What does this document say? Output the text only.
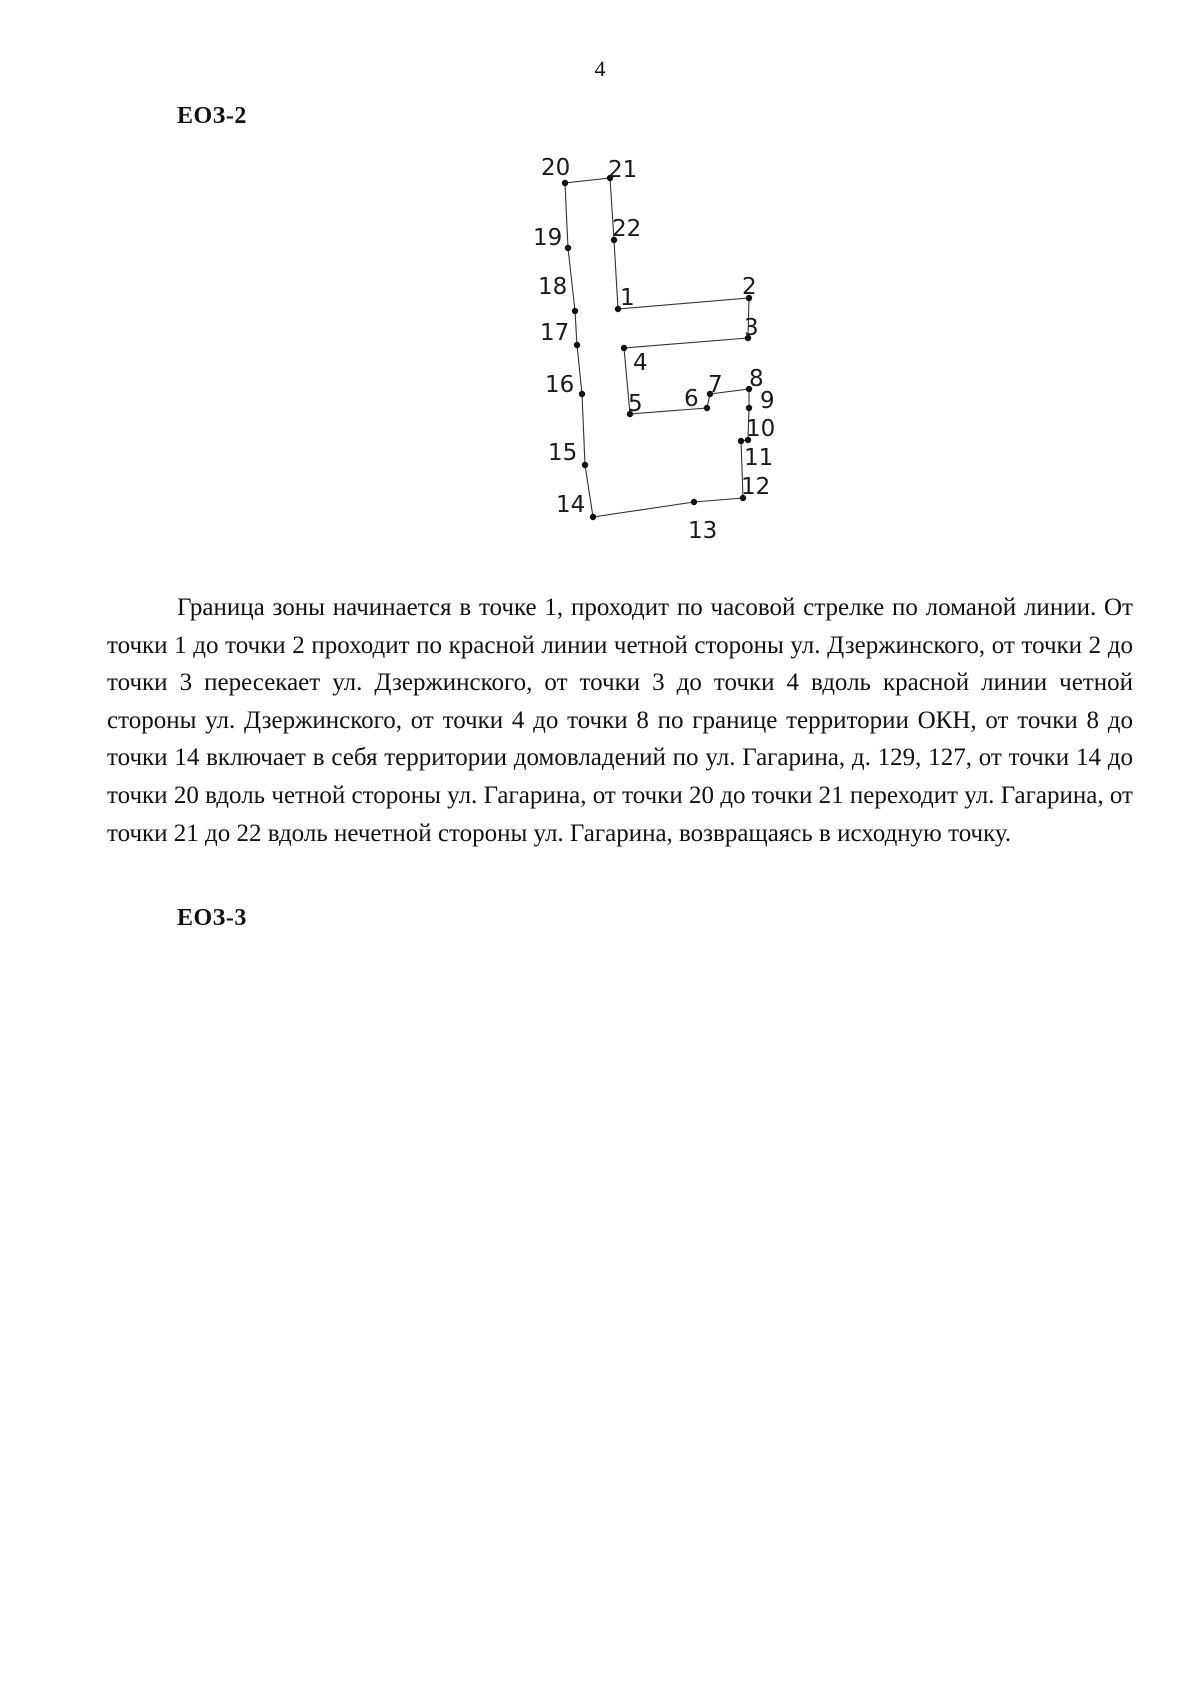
4
ЕОЗ-2
1	2
3
4
5 6
7 8
9
10
11
12
13
14
15
16
17
18
19
20 21
22

Граница зоны начинается в точке 1, проходит по часовой стрелке по ломаной линии. От точки 1 до точки 2 проходит по красной линии четной стороны ул. Дзержинского, от точки 2 до точки 3 пересекает ул. Дзержинского, от точки 3 до точки 4 вдоль красной линии четной стороны ул. Дзержинского, от точки 4 до точки 8 по границе территории ОКН, от точки 8 до точки 14 включает в себя территории домовладений по ул. Гагарина, д. 129, 127, от точки 14 до точки 20 вдоль четной стороны ул. Гагарина, от точки 20 до точки 21 переходит ул. Гагарина, от точки 21 до 22 вдоль нечетной стороны ул. Гагарина, возвращаясь в исходную точку.

ЕОЗ-3
